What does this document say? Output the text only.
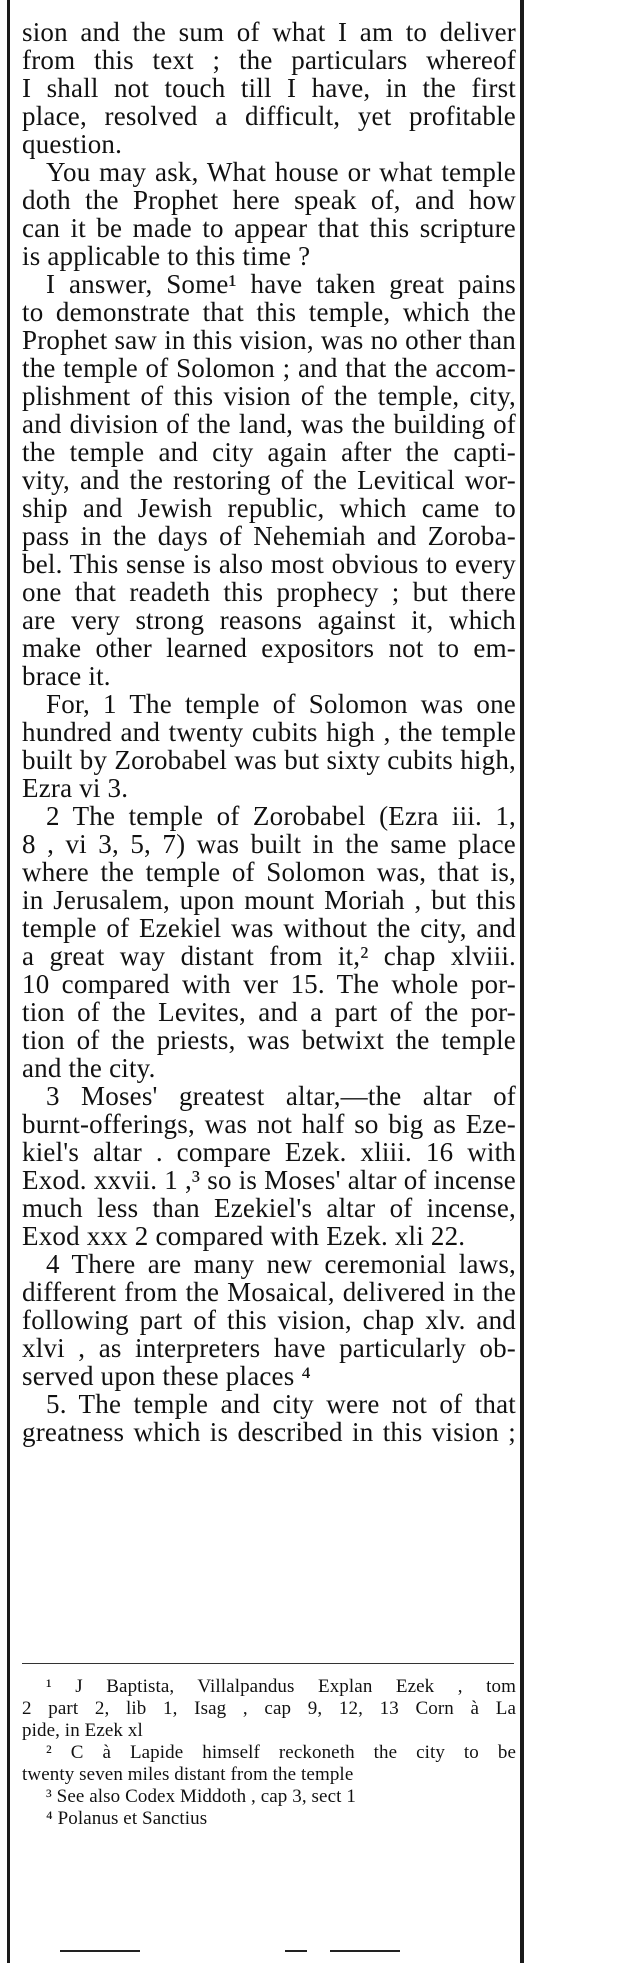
sion and the sum of what I am to deliver
from this text ; the particulars whereof
I shall not touch till I have, in the first
place, resolved a difficult, yet profitable
question.
You may ask, What house or what temple
doth the Prophet here speak of, and how
can it be made to appear that this scripture
is applicable to this time ?
I answer, Some¹ have taken great pains
to demonstrate that this temple, which the
Prophet saw in this vision, was no other than
the temple of Solomon ; and that the accom-
plishment of this vision of the temple, city,
and division of the land, was the building of
the temple and city again after the capti-
vity, and the restoring of the Levitical wor-
ship and Jewish republic, which came to
pass in the days of Nehemiah and Zoroba-
bel. This sense is also most obvious to every
one that readeth this prophecy ; but there
are very strong reasons against it, which
make other learned expositors not to em-
brace it.
For, 1 The temple of Solomon was one
hundred and twenty cubits high , the temple
built by Zorobabel was but sixty cubits high,
Ezra vi 3.
2 The temple of Zorobabel (Ezra iii. 1,
8 , vi 3, 5, 7) was built in the same place
where the temple of Solomon was, that is,
in Jerusalem, upon mount Moriah , but this
temple of Ezekiel was without the city, and
a great way distant from it,² chap xlviii.
10 compared with ver 15. The whole por-
tion of the Levites, and a part of the por-
tion of the priests, was betwixt the temple
and the city.
3 Moses' greatest altar,—the altar of
burnt-offerings, was not half so big as Eze-
kiel's altar . compare Ezek. xliii. 16 with
Exod. xxvii. 1 ,³ so is Moses' altar of incense
much less than Ezekiel's altar of incense,
Exod xxx 2 compared with Ezek. xli 22.
4 There are many new ceremonial laws,
different from the Mosaical, delivered in the
following part of this vision, chap xlv. and
xlvi , as interpreters have particularly ob-
served upon these places ⁴
5. The temple and city were not of that
greatness which is described in this vision ;
¹ J Baptista, Villalpandus Explan Ezek , tom
2 part 2, lib 1, Isag , cap 9, 12, 13 Corn à La
pide, in Ezek xl
² C à Lapide himself reckoneth the city to be
twenty seven miles distant from the temple
³ See also Codex Middoth , cap 3, sect 1
⁴ Polanus et Sanctius
